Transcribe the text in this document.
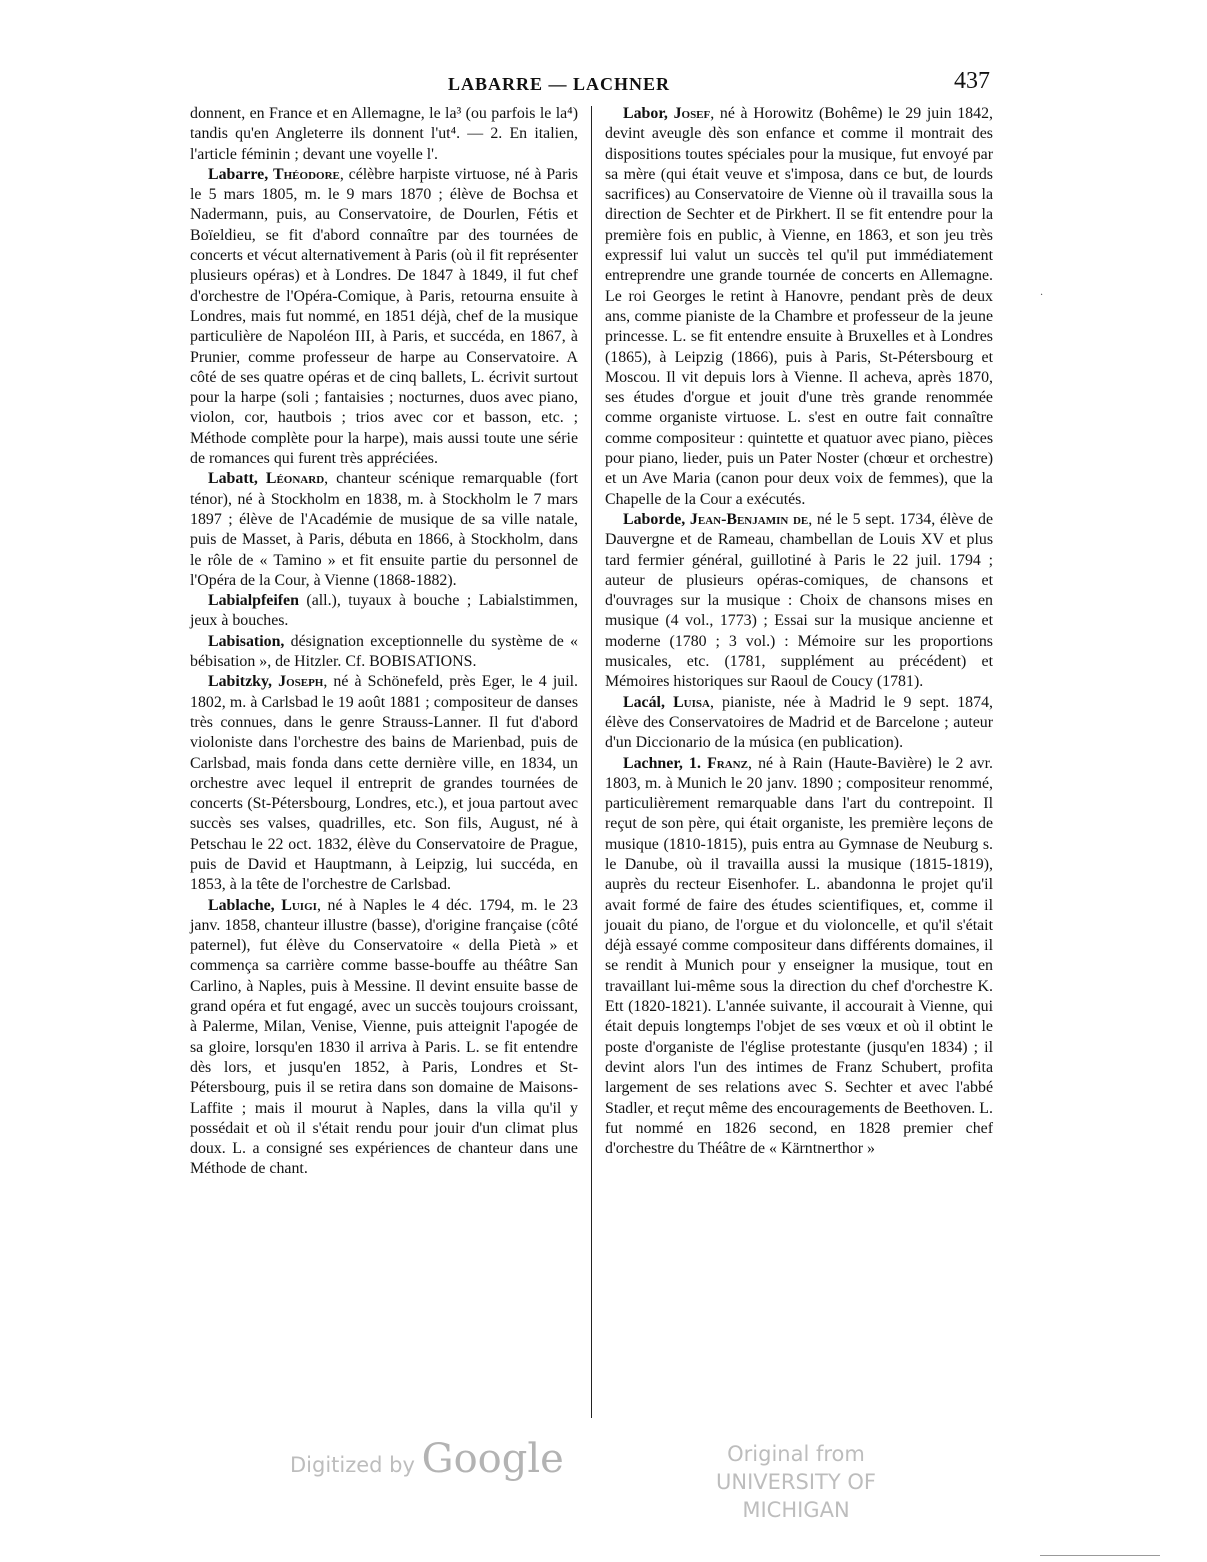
LABARRE — LACHNER	437

donnent, en France et en Allemagne, le la³ (ou parfois le la⁴) tandis qu'en Angleterre ils donnent l'ut⁴. — 2. En italien, l'article féminin ; devant une voyelle l'.

Labarre, Théodore, célèbre harpiste virtuose, né à Paris le 5 mars 1805, m. le 9 mars 1870 ; élève de Bochsa et Nadermann, puis, au Conservatoire, de Dourlen, Fétis et Boïeldieu, se fit d'abord connaître par des tournées de concerts et vécut alternativement à Paris (où il fit représenter plusieurs opéras) et à Londres. De 1847 à 1849, il fut chef d'orchestre de l'Opéra-Comique, à Paris, retourna ensuite à Londres, mais fut nommé, en 1851 déjà, chef de la musique particulière de Napoléon III, à Paris, et succéda, en 1867, à Prunier, comme professeur de harpe au Conservatoire. A côté de ses quatre opéras et de cinq ballets, L. écrivit surtout pour la harpe (soli ; fantaisies ; nocturnes, duos avec piano, violon, cor, hautbois ; trios avec cor et basson, etc. ; Méthode complète pour la harpe), mais aussi toute une série de romances qui furent très appréciées.

Labatt, Léonard, chanteur scénique remarquable (fort ténor), né à Stockholm en 1838, m. à Stockholm le 7 mars 1897 ; élève de l'Académie de musique de sa ville natale, puis de Masset, à Paris, débuta en 1866, à Stockholm, dans le rôle de « Tamino » et fit ensuite partie du personnel de l'Opéra de la Cour, à Vienne (1868-1882).

Labialpfeifen (all.), tuyaux à bouche ; Labialstimmen, jeux à bouches.

Labisation, désignation exceptionnelle du système de « bébisation », de Hitzler. Cf. BOBISATIONS.

Labitzky, Joseph, né à Schönefeld, près Eger, le 4 juil. 1802, m. à Carlsbad le 19 août 1881 ; compositeur de danses très connues, dans le genre Strauss-Lanner. Il fut d'abord violoniste dans l'orchestre des bains de Marienbad, puis de Carlsbad, mais fonda dans cette dernière ville, en 1834, un orchestre avec lequel il entreprit de grandes tournées de concerts (St-Pétersbourg, Londres, etc.), et joua partout avec succès ses valses, quadrilles, etc. Son fils, August, né à Petschau le 22 oct. 1832, élève du Conservatoire de Prague, puis de David et Hauptmann, à Leipzig, lui succéda, en 1853, à la tête de l'orchestre de Carlsbad.

Lablache, Luigi, né à Naples le 4 déc. 1794, m. le 23 janv. 1858, chanteur illustre (basse), d'origine française (côté paternel), fut élève du Conservatoire « della Pietà » et commença sa carrière comme basse-bouffe au théâtre San Carlino, à Naples, puis à Messine. Il devint ensuite basse de grand opéra et fut engagé, avec un succès toujours croissant, à Palerme, Milan, Venise, Vienne, puis atteignit l'apogée de sa gloire, lorsqu'en 1830 il arriva à Paris. L. se fit entendre dès lors, et jusqu'en 1852, à Paris, Londres et St-Pétersbourg, puis il se retira dans son domaine de Maisons-Laffite ; mais il mourut à Naples, dans la villa qu'il y possédait et où il s'était rendu pour jouir d'un climat plus doux. L. a consigné ses expériences de chanteur dans une Méthode de chant.

Labor, Josef, né à Horowitz (Bohême) le 29 juin 1842, devint aveugle dès son enfance et comme il montrait des dispositions toutes spéciales pour la musique, fut envoyé par sa mère (qui était veuve et s'imposa, dans ce but, de lourds sacrifices) au Conservatoire de Vienne où il travailla sous la direction de Sechter et de Pirkhert. Il se fit entendre pour la première fois en public, à Vienne, en 1863, et son jeu très expressif lui valut un succès tel qu'il put immédiatement entreprendre une grande tournée de concerts en Allemagne. Le roi Georges le retint à Hanovre, pendant près de deux ans, comme pianiste de la Chambre et professeur de la jeune princesse. L. se fit entendre ensuite à Bruxelles et à Londres (1865), à Leipzig (1866), puis à Paris, St-Pétersbourg et Moscou. Il vit depuis lors à Vienne. Il acheva, après 1870, ses études d'orgue et jouit d'une très grande renommée comme organiste virtuose. L. s'est en outre fait connaître comme compositeur : quintette et quatuor avec piano, pièces pour piano, lieder, puis un Pater Noster (chœur et orchestre) et un Ave Maria (canon pour deux voix de femmes), que la Chapelle de la Cour a exécutés.

Laborde, Jean-Benjamin de, né le 5 sept. 1734, élève de Dauvergne et de Rameau, chambellan de Louis XV et plus tard fermier général, guillotiné à Paris le 22 juil. 1794 ; auteur de plusieurs opéras-comiques, de chansons et d'ouvrages sur la musique : Choix de chansons mises en musique (4 vol., 1773) ; Essai sur la musique ancienne et moderne (1780 ; 3 vol.) : Mémoire sur les proportions musicales, etc. (1781, supplément au précédent) et Mémoires historiques sur Raoul de Coucy (1781).

Lacál, Luisa, pianiste, née à Madrid le 9 sept. 1874, élève des Conservatoires de Madrid et de Barcelone ; auteur d'un Diccionario de la música (en publication).

Lachner, 1. Franz, né à Rain (Haute-Bavière) le 2 avr. 1803, m. à Munich le 20 janv. 1890 ; compositeur renommé, particulièrement remarquable dans l'art du contrepoint. Il reçut de son père, qui était organiste, les première leçons de musique (1810-1815), puis entra au Gymnase de Neuburg s. le Danube, où il travailla aussi la musique (1815-1819), auprès du recteur Eisenhofer. L. abandonna le projet qu'il avait formé de faire des études scientifiques, et, comme il jouait du piano, de l'orgue et du violoncelle, et qu'il s'était déjà essayé comme compositeur dans différents domaines, il se rendit à Munich pour y enseigner la musique, tout en travaillant lui-même sous la direction du chef d'orchestre K. Ett (1820-1821). L'année suivante, il accourait à Vienne, qui était depuis longtemps l'objet de ses vœux et où il obtint le poste d'organiste de l'église protestante (jusqu'en 1834) ; il devint alors l'un des intimes de Franz Schubert, profita largement de ses relations avec S. Sechter et avec l'abbé Stadler, et reçut même des encouragements de Beethoven. L. fut nommé en 1826 second, en 1828 premier chef d'orchestre du Théâtre de « Kärntnerthor »

Digitized by Google	Original from
UNIVERSITY OF MICHIGAN
·
